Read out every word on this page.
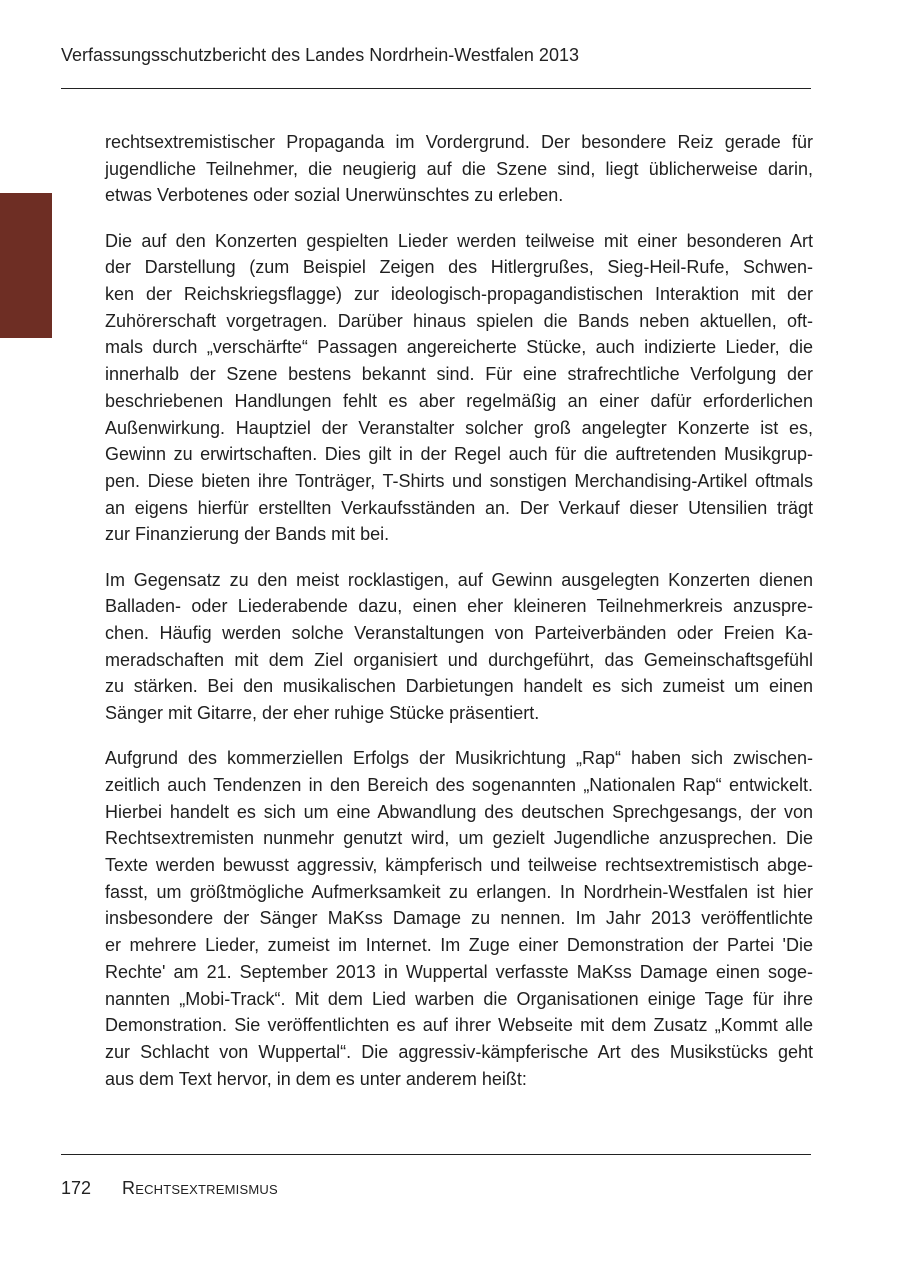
Verfassungsschutzbericht des Landes Nordrhein-Westfalen 2013

rechtsextremistischer Propaganda im Vordergrund. Der besondere Reiz gerade für
jugendliche Teilnehmer, die neugierig auf die Szene sind, liegt üblicherweise darin,
etwas Verbotenes oder sozial Unerwünschtes zu erleben.

Die auf den Konzerten gespielten Lieder werden teilweise mit einer besonderen Art
der Darstellung (zum Beispiel Zeigen des Hitlergrußes, Sieg-Heil-Rufe, Schwen-
ken der Reichskriegsflagge) zur ideologisch-propagandistischen Interaktion mit der
Zuhörerschaft vorgetragen. Darüber hinaus spielen die Bands neben aktuellen, oft-
mals durch „verschärfte“ Passagen angereicherte Stücke, auch indizierte Lieder, die
innerhalb der Szene bestens bekannt sind. Für eine strafrechtliche Verfolgung der
beschriebenen Handlungen fehlt es aber regelmäßig an einer dafür erforderlichen
Außenwirkung. Hauptziel der Veranstalter solcher groß angelegter Konzerte ist es,
Gewinn zu erwirtschaften. Dies gilt in der Regel auch für die auftretenden Musikgrup-
pen. Diese bieten ihre Tonträger, T-Shirts und sonstigen Merchandising-Artikel oftmals
an eigens hierfür erstellten Verkaufsständen an. Der Verkauf dieser Utensilien trägt
zur Finanzierung der Bands mit bei.

Im Gegensatz zu den meist rocklastigen, auf Gewinn ausgelegten Konzerten dienen
Balladen- oder Liederabende dazu, einen eher kleineren Teilnehmerkreis anzuspre-
chen. Häufig werden solche Veranstaltungen von Parteiverbänden oder Freien Ka-
meradschaften mit dem Ziel organisiert und durchgeführt, das Gemeinschaftsgefühl
zu stärken. Bei den musikalischen Darbietungen handelt es sich zumeist um einen
Sänger mit Gitarre, der eher ruhige Stücke präsentiert.

Aufgrund des kommerziellen Erfolgs der Musikrichtung „Rap“ haben sich zwischen-
zeitlich auch Tendenzen in den Bereich des sogenannten „Nationalen Rap“ entwickelt.
Hierbei handelt es sich um eine Abwandlung des deutschen Sprechgesangs, der von
Rechtsextremisten nunmehr genutzt wird, um gezielt Jugendliche anzusprechen. Die
Texte werden bewusst aggressiv, kämpferisch und teilweise rechtsextremistisch abge-
fasst, um größtmögliche Aufmerksamkeit zu erlangen. In Nordrhein-Westfalen ist hier
insbesondere der Sänger MaKss Damage zu nennen. Im Jahr 2013 veröffentlichte
er mehrere Lieder, zumeist im Internet. Im Zuge einer Demonstration der Partei 'Die
Rechte' am 21. September 2013 in Wuppertal verfasste MaKss Damage einen soge-
nannten „Mobi-Track“. Mit dem Lied warben die Organisationen einige Tage für ihre
Demonstration. Sie veröffentlichten es auf ihrer Webseite mit dem Zusatz „Kommt alle
zur Schlacht von Wuppertal“. Die aggressiv-kämpferische Art des Musikstücks geht
aus dem Text hervor, in dem es unter anderem heißt:

172 Rechtsextremismus
